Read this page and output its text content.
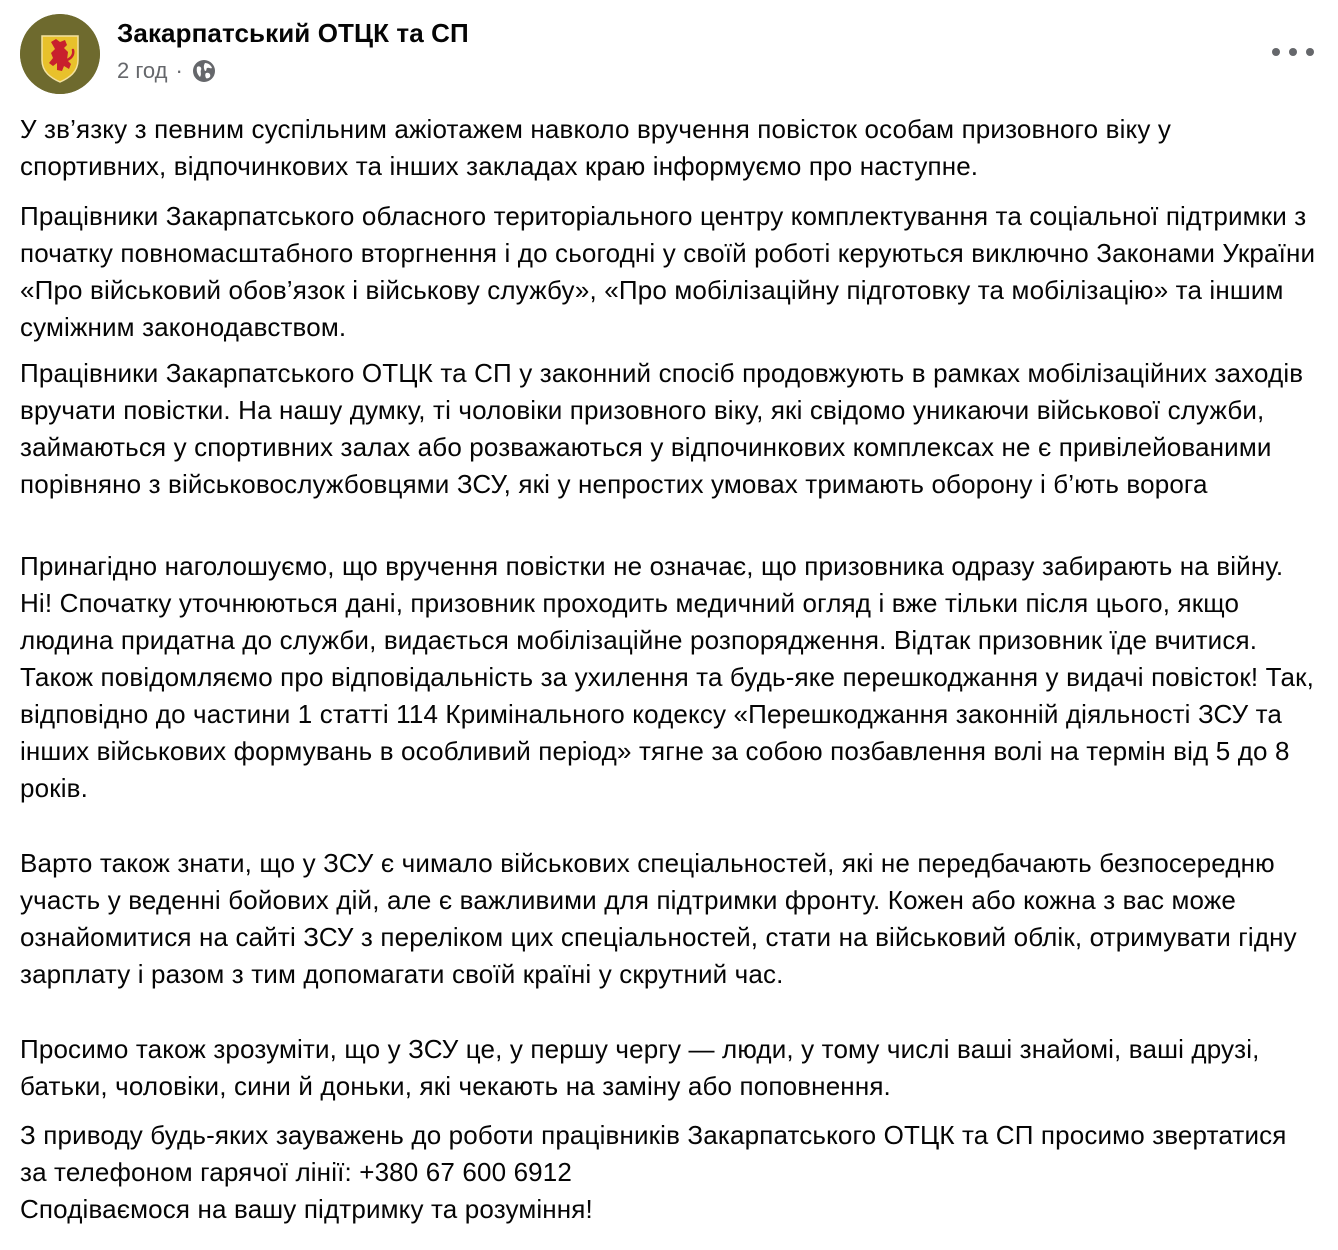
Закарпатський ОТЦК та СП
2 год ·

У зв’язку з певним суспільним ажіотажем навколо вручення повісток особам призовного віку у спортивних, відпочинкових та інших закладах краю інформуємо про наступне.

Працівники Закарпатського обласного територіального центру комплектування та соціальної підтримки з початку повномасштабного вторгнення і до сьогодні у своїй роботі керуються виключно Законами України «Про військовий обов’язок і військову службу», «Про мобілізаційну підготовку та мобілізацію» та іншим суміжним законодавством.

Працівники Закарпатського ОТЦК та СП у законний спосіб продовжують в рамках мобілізаційних заходів вручати повістки. На нашу думку, ті чоловіки призовного віку, які свідомо уникаючи військової служби, займаються у спортивних залах або розважаються у відпочинкових комплексах не є привілейованими порівняно з військовослужбовцями ЗСУ, які у непростих умовах тримають оборону і б’ють ворога

Принагідно наголошуємо, що вручення повістки не означає, що призовника одразу забирають на війну. Ні! Спочатку уточнюються дані, призовник проходить медичний огляд і вже тільки після цього, якщо людина придатна до служби, видається мобілізаційне розпорядження. Відтак призовник їде вчитися.
Також повідомляємо про відповідальність за ухилення та будь-яке перешкоджання у видачі повісток! Так, відповідно до частини 1 статті 114 Кримінального кодексу «Перешкоджання законній діяльності ЗСУ та інших військових формувань в особливий період» тягне за собою позбавлення волі на термін від 5 до 8 років.

Варто також знати, що у ЗСУ є чимало військових спеціальностей, які не передбачають безпосередню участь у веденні бойових дій, але є важливими для підтримки фронту. Кожен або кожна з вас може ознайомитися на сайті ЗСУ з переліком цих спеціальностей, стати на військовий облік, отримувати гідну зарплату і разом з тим допомагати своїй країні у скрутний час.

Просимо також зрозуміти, що у ЗСУ це, у першу чергу — люди, у тому числі ваші знайомі, ваші друзі, батьки, чоловіки, сини й доньки, які чекають на заміну або поповнення.

З приводу будь-яких зауважень до роботи працівників Закарпатського ОТЦК та СП просимо звертатися за телефоном гарячої лінії: +380 67 600 6912
Сподіваємося на вашу підтримку та розуміння!
